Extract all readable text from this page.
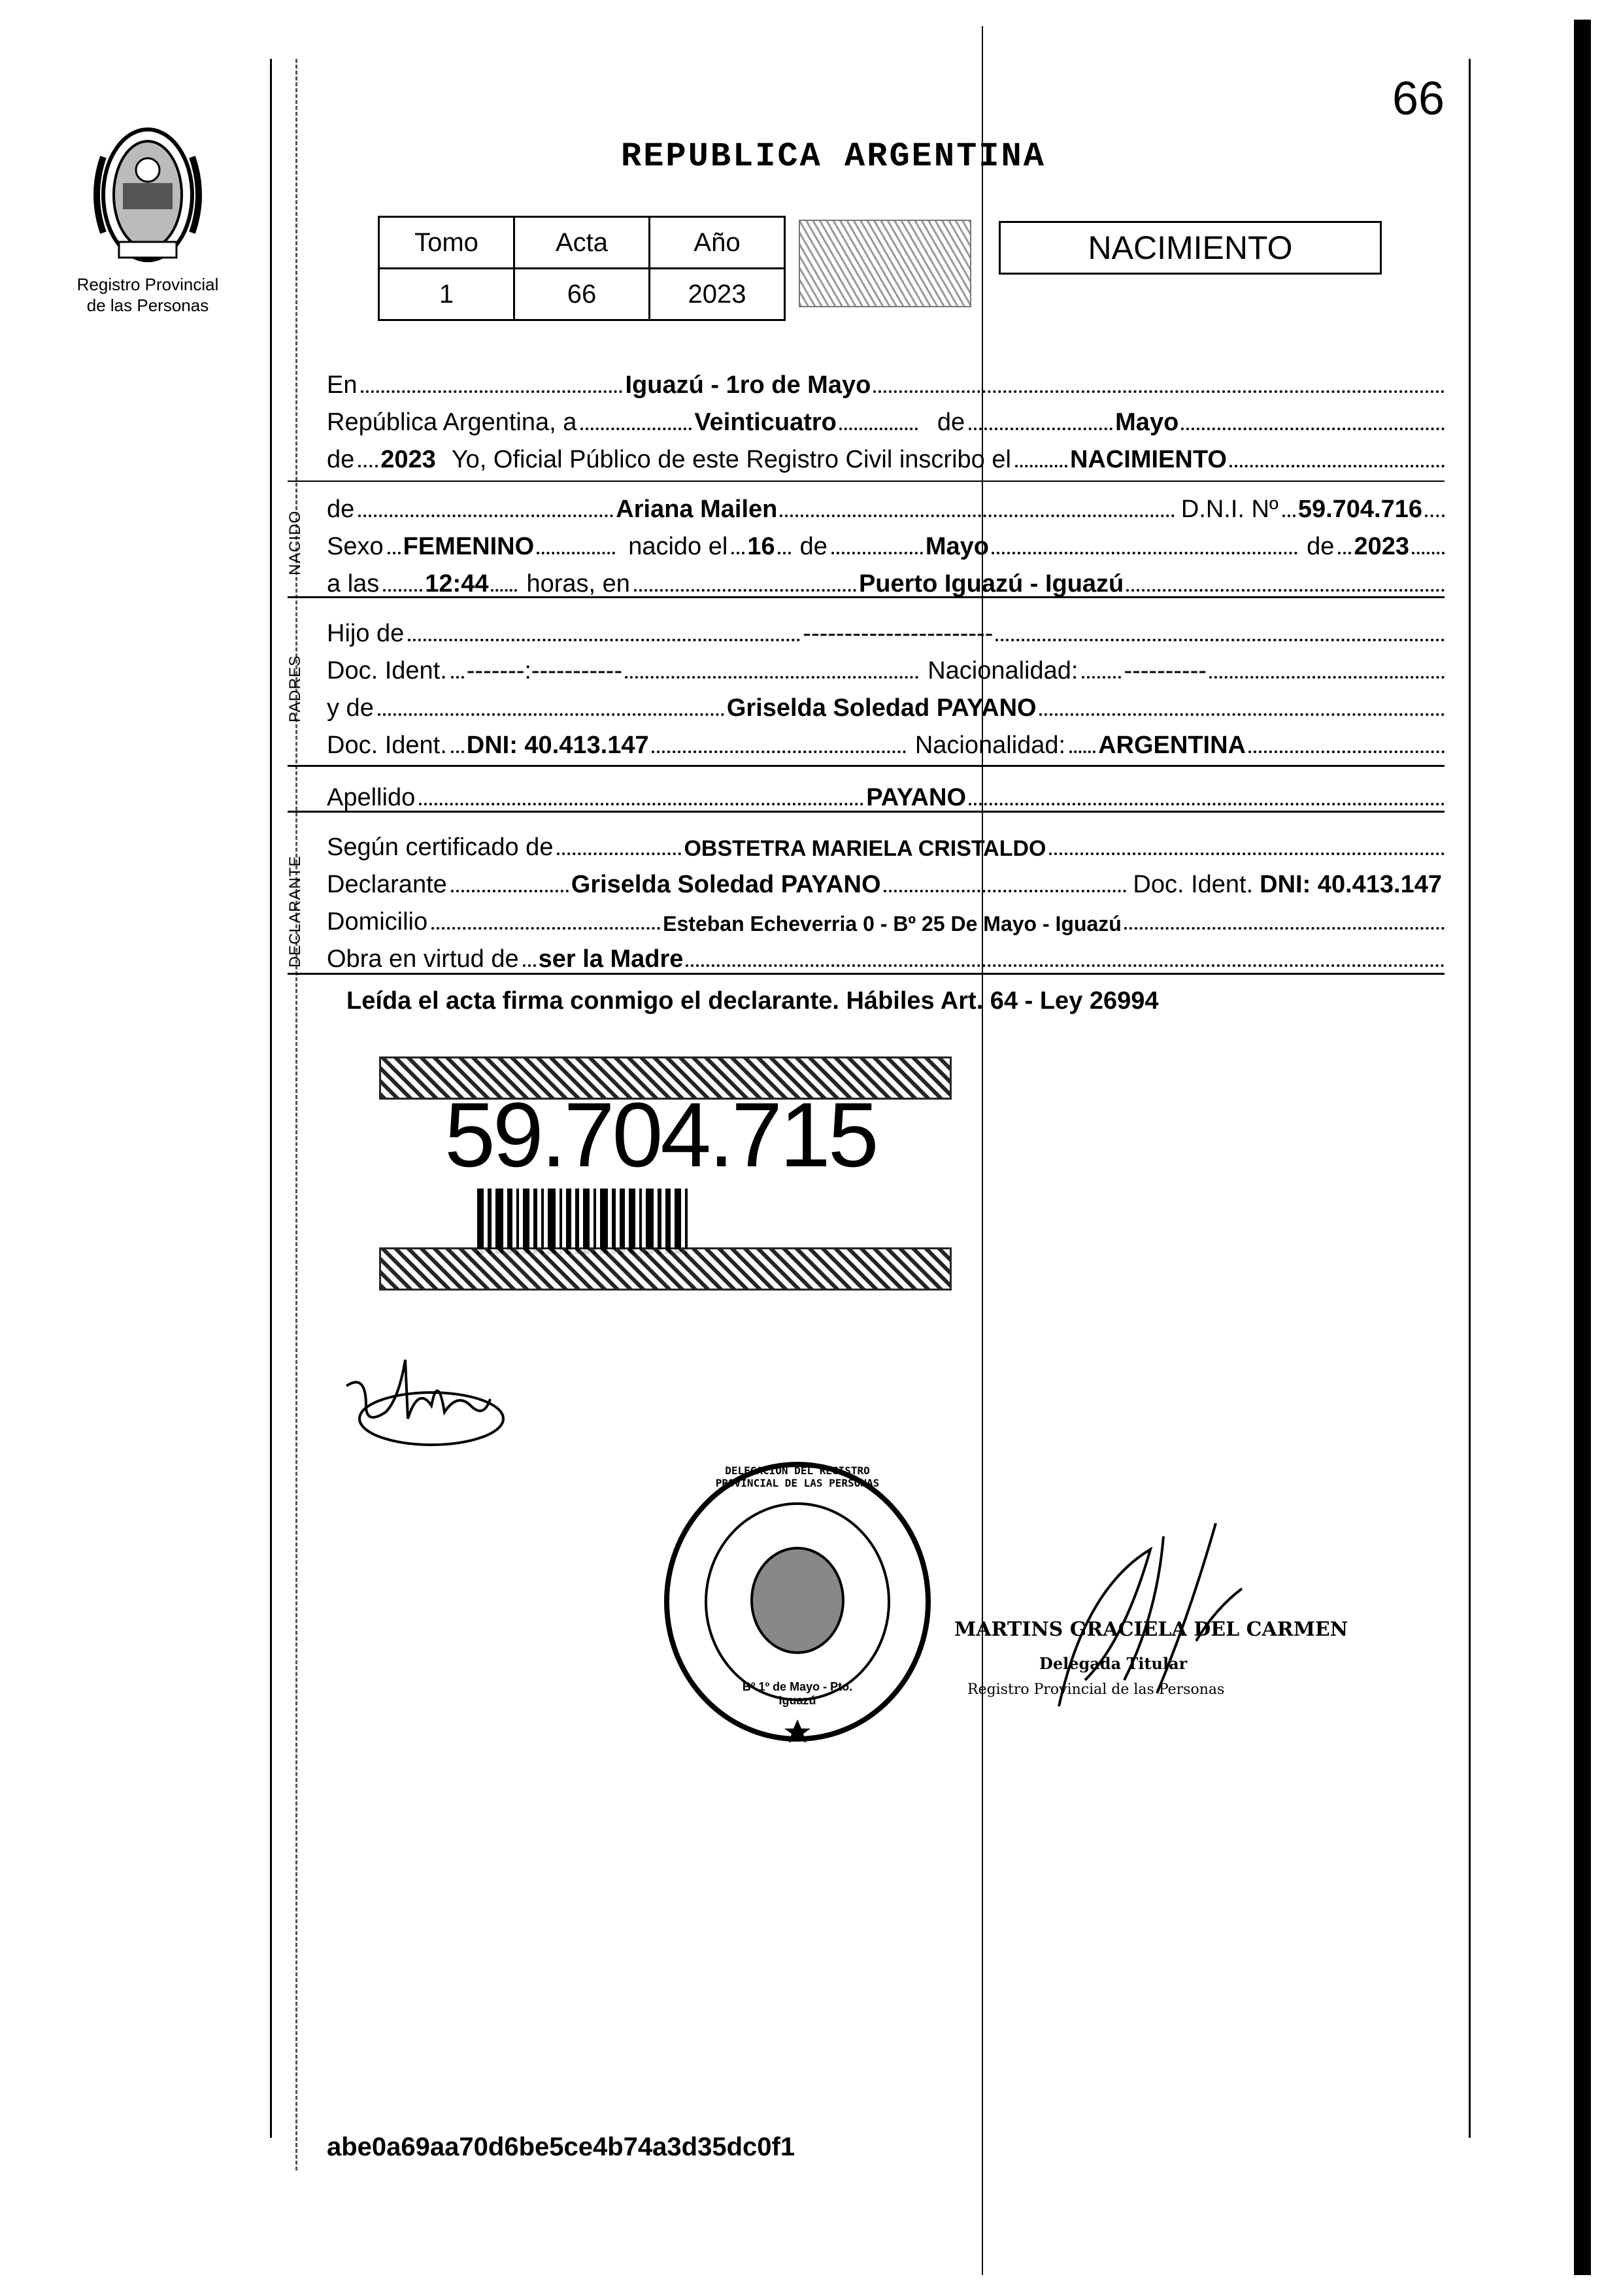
66
Registro Provincial
de las Personas
REPUBLICA ARGENTINA
Tomo	Acta	Año
1	66	2023
NACIMIENTO
NACIDO
PADRES
DECLARANTE
En	Iguazú - 1ro de Mayo
República Argentina, a	Veinticuatro	de	Mayo
de 2023 Yo, Oficial Público de este Registro Civil inscribo el NACIMIENTO
de	Ariana Mailen	D.N.I. Nº 59.704.716
Sexo FEMENINO	nacido el 16	de	Mayo	de 2023
a las 12:44	horas, en	Puerto Iguazú - Iguazú
Hijo de	-----------------------
Doc. Ident. -------:-----------	Nacionalidad: ----------
y de	Griselda Soledad PAYANO
Doc. Ident. DNI: 40.413.147	Nacionalidad: ARGENTINA
Apellido	PAYANO
Según certificado de	OBSTETRA MARIELA CRISTALDO
Declarante	Griselda Soledad PAYANO	Doc. Ident. DNI: 40.413.147
Domicilio	Esteban Echeverria 0 - Bº 25 De Mayo - Iguazú
Obra en virtud de ser la Madre
Leída el acta firma conmigo el declarante. Hábiles Art. 64 - Ley 26994
59.704.715
DELEGACION DEL REGISTRO PROVINCIAL DE LAS PERSONAS
Bº 1º de Mayo - Pto. Iguazú
MARTINS GRACIELA DEL CARMEN
Delegada Titular
Registro Provincial de las Personas
abe0a69aa70d6be5ce4b74a3d35dc0f1
